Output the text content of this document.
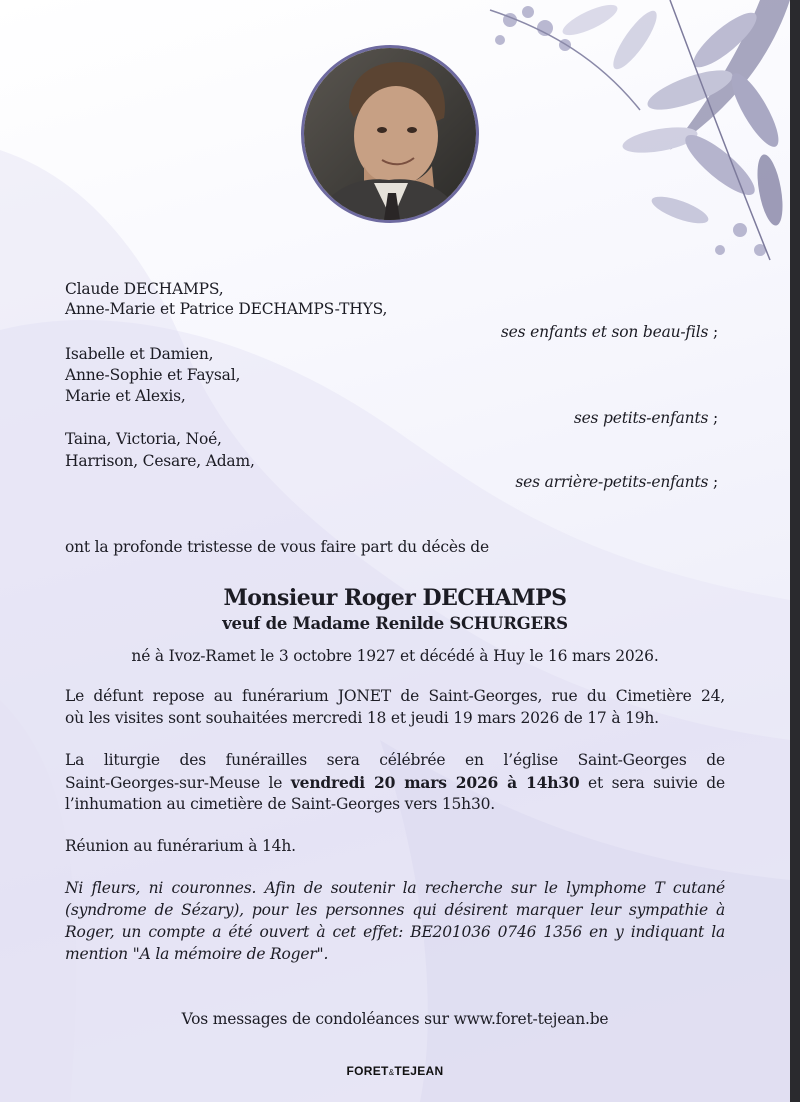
Claude DECHAMPS,
Anne-Marie et Patrice DECHAMPS-THYS,
ses enfants et son beau-fils ;
Isabelle et Damien,
Anne-Sophie et Faysal,
Marie et Alexis,
ses petits-enfants ;
Taina, Victoria, Noé,
Harrison, Cesare, Adam,
ses arrière-petits-enfants ;
ont la profonde tristesse de vous faire part du décès de
Monsieur Roger DECHAMPS
veuf de Madame Renilde SCHURGERS
né à Ivoz-Ramet le 3 octobre 1927 et décédé à Huy le 16 mars 2026.
Le défunt repose au funérarium JONET de Saint-Georges, rue du Cimetière 24,
où les visites sont souhaitées mercredi 18 et jeudi 19 mars 2026 de 17 à 19h.
La liturgie des funérailles sera célébrée en l’église Saint-Georges de
Saint-Georges-sur-Meuse le vendredi 20 mars 2026 à 14h30 et sera suivie de
l’inhumation au cimetière de Saint-Georges vers 15h30.
Réunion au funérarium à 14h.
Ni fleurs, ni couronnes. Afin de soutenir la recherche sur le lymphome T cutané
(syndrome de Sézary), pour les personnes qui désirent marquer leur sympathie à
Roger, un compte a été ouvert à cet effet: BE201036 0746 1356 en y indiquant la
mention "A la mémoire de Roger".
Vos messages de condoléances sur www.foret-tejean.be
FORET&TEJEAN
